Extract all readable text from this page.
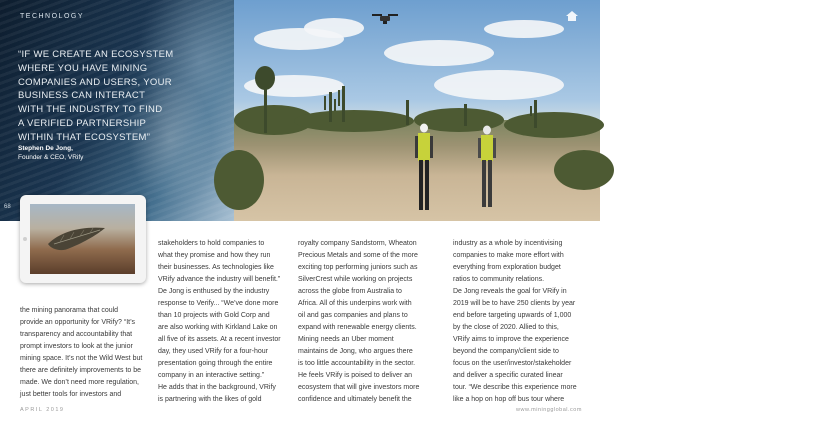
TECHNOLOGY
“IF WE CREATE AN ECOSYSTEM
WHERE YOU HAVE MINING
COMPANIES AND USERS, YOUR
BUSINESS CAN INTERACT
WITH THE INDUSTRY TO FIND
A VERIFIED PARTNERSHIP
WITHIN THAT ECOSYSTEM”
Stephen De Jong,
Founder & CEO, VRify
68	69
the mining panorama that could
provide an opportunity for VRify? “It’s
transparency and accountability that
prompt investors to look at the junior
mining space. It’s not the Wild West but
there are definitely improvements to be
made. We don’t need more regulation,
just better tools for investors and
stakeholders to hold companies to
what they promise and how they run
their businesses. As technologies like
VRify advance the industry will benefit.”
De Jong is enthused by the industry
response to Verify... “We’ve done more
than 10 projects with Gold Corp and
are also working with Kirkland Lake on
all five of its assets. At a recent investor
day, they used VRify for a four-hour
presentation going through the entire
company in an interactive setting.”
He adds that in the background, VRify
is partnering with the likes of gold
royalty company Sandstorm, Wheaton
Precious Metals and some of the more
exciting top performing juniors such as
SilverCrest while working on projects
across the globe from Australia to
Africa. All of this underpins work with
oil and gas companies and plans to
expand with renewable energy clients.
Mining needs an Uber moment
maintains de Jong, who argues there
is too little accountability in the sector.
He feels VRify is poised to deliver an
ecosystem that will give investors more
confidence and ultimately benefit the
industry as a whole by incentivising
companies to make more effort with
everything from exploration budget
ratios to community relations.
De Jong reveals the goal for VRify in
2019 will be to have 250 clients by year
end before targeting upwards of 1,000
by the close of 2020. Allied to this,
VRify aims to improve the experience
beyond the company/client side to
focus on the user/investor/stakeholder
and deliver a specific curated linear
tour. “We describe this experience more
like a hop on hop off bus tour where
APRIL 2019	www.miningglobal.com
